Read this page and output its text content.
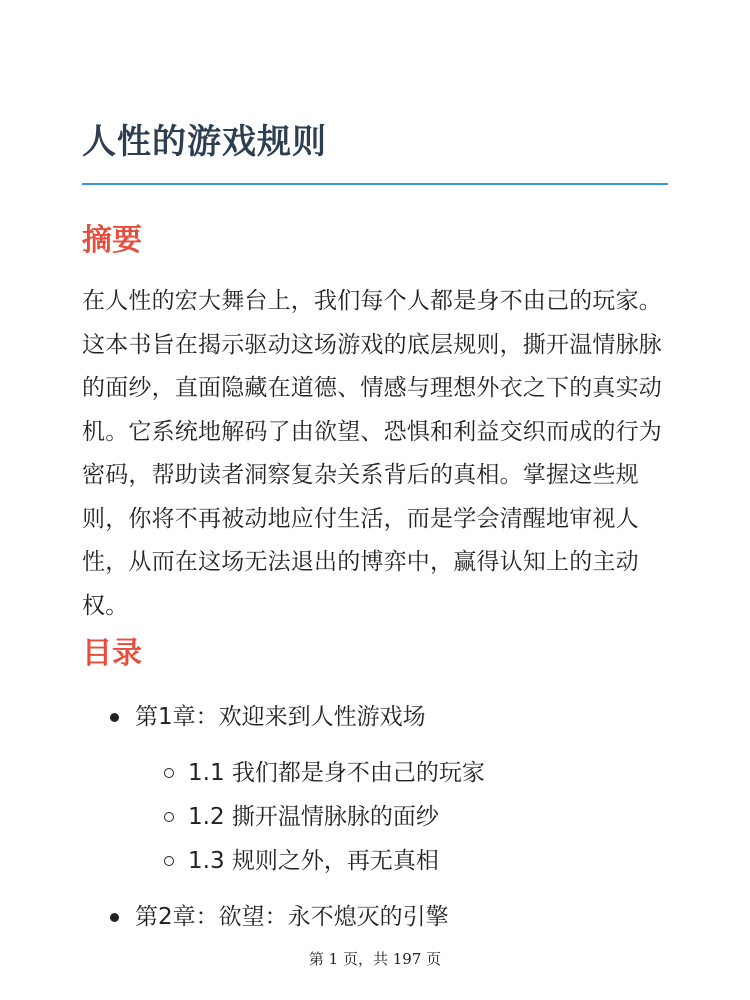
人性的游戏规则
摘要

在人性的宏大舞台上，我们每个人都是身不由己的玩家。这本书旨在揭示驱动这场游戏的底层规则，撕开温情脉脉的面纱，直面隐藏在道德、情感与理想外衣之下的真实动机。它系统地解码了由欲望、恐惧和利益交织而成的行为密码，帮助读者洞察复杂关系背后的真相。掌握这些规则，你将不再被动地应付生活，而是学会清醒地审视人性，从而在这场无法退出的博弈中，赢得认知上的主动权。

目录
第1章：欢迎来到人性游戏场
1.1 我们都是身不由己的玩家
1.2 撕开温情脉脉的面纱
1.3 规则之外，再无真相
第2章：欲望：永不熄灭的引擎
第 1 页，共 197 页
